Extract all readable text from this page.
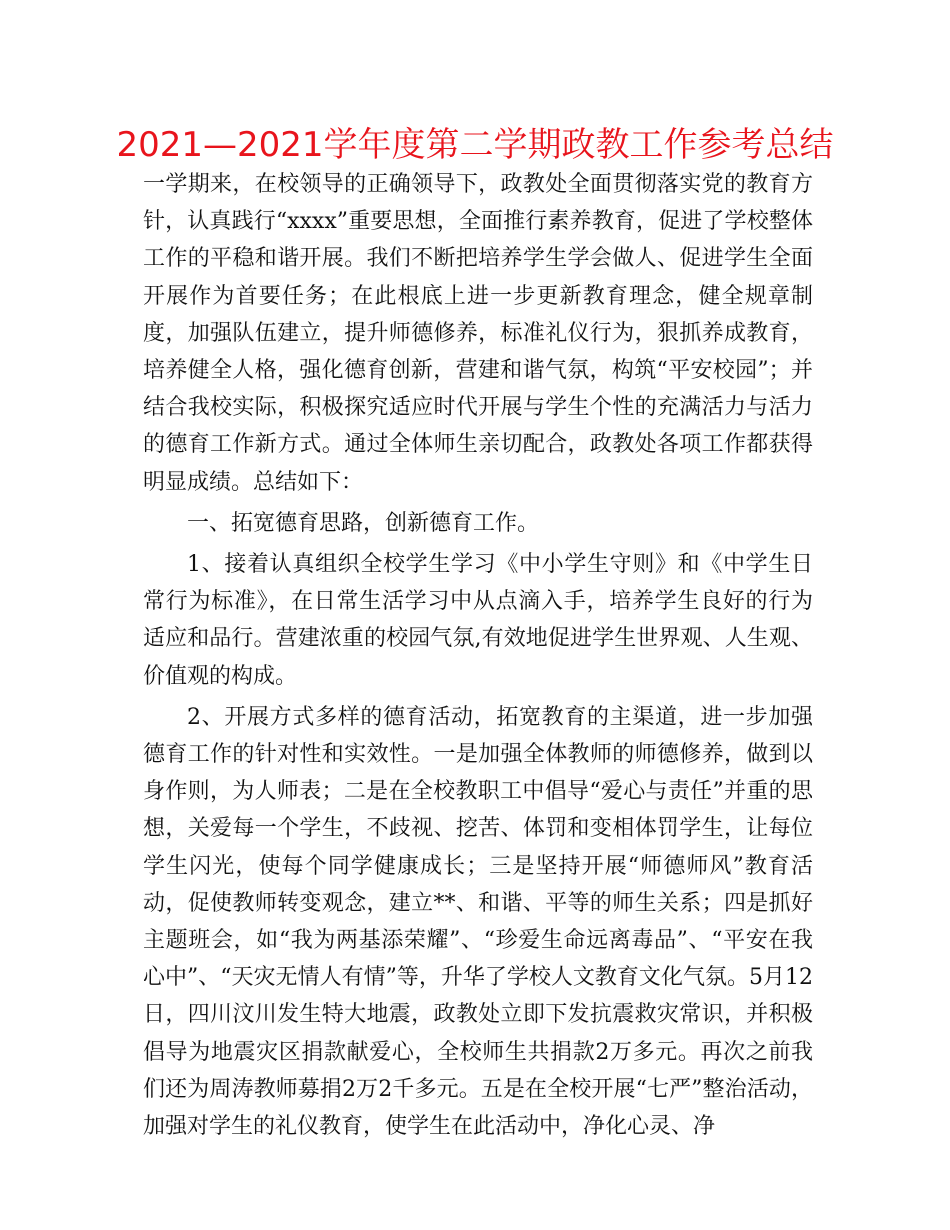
2021—2021学年度第二学期政教工作参考总结

一学期来，在校领导的正确领导下，政教处全面贯彻落实党的教育方针，认真践行“xxxx”重要思想，全面推行素养教育，促进了学校整体工作的平稳和谐开展。我们不断把培养学生学会做人、促进学生全面开展作为首要任务；在此根底上进一步更新教育理念，健全规章制度，加强队伍建立，提升师德修养，标准礼仪行为，狠抓养成教育，培养健全人格，强化德育创新，营建和谐气氛，构筑“平安校园”；并结合我校实际，积极探究适应时代开展与学生个性的充满活力与活力的德育工作新方式。通过全体师生亲切配合，政教处各项工作都获得明显成绩。总结如下：

一、拓宽德育思路，创新德育工作。

1、接着认真组织全校学生学习《中小学生守则》和《中学生日常行为标准》，在日常生活学习中从点滴入手，培养学生良好的行为适应和品行。营建浓重的校园气氛,有效地促进学生世界观、人生观、价值观的构成。

2、开展方式多样的德育活动，拓宽教育的主渠道，进一步加强德育工作的针对性和实效性。一是加强全体教师的师德修养，做到以身作则，为人师表；二是在全校教职工中倡导“爱心与责任”并重的思想，关爱每一个学生，不歧视、挖苦、体罚和变相体罚学生，让每位学生闪光，使每个同学健康成长；三是坚持开展“师德师风”教育活动，促使教师转变观念，建立**、和谐、平等的师生关系；四是抓好主题班会，如“我为两基添荣耀”、“珍爱生命远离毒品”、“平安在我心中”、“天灾无情人有情”等，升华了学校人文教育文化气氛。5月12日，四川汶川发生特大地震，政教处立即下发抗震救灾常识，并积极倡导为地震灾区捐款献爱心，全校师生共捐款2万多元。再次之前我们还为周涛教师募捐2万2千多元。五是在全校开展“七严”整治活动，加强对学生的礼仪教育，使学生在此活动中，净化心灵、净
